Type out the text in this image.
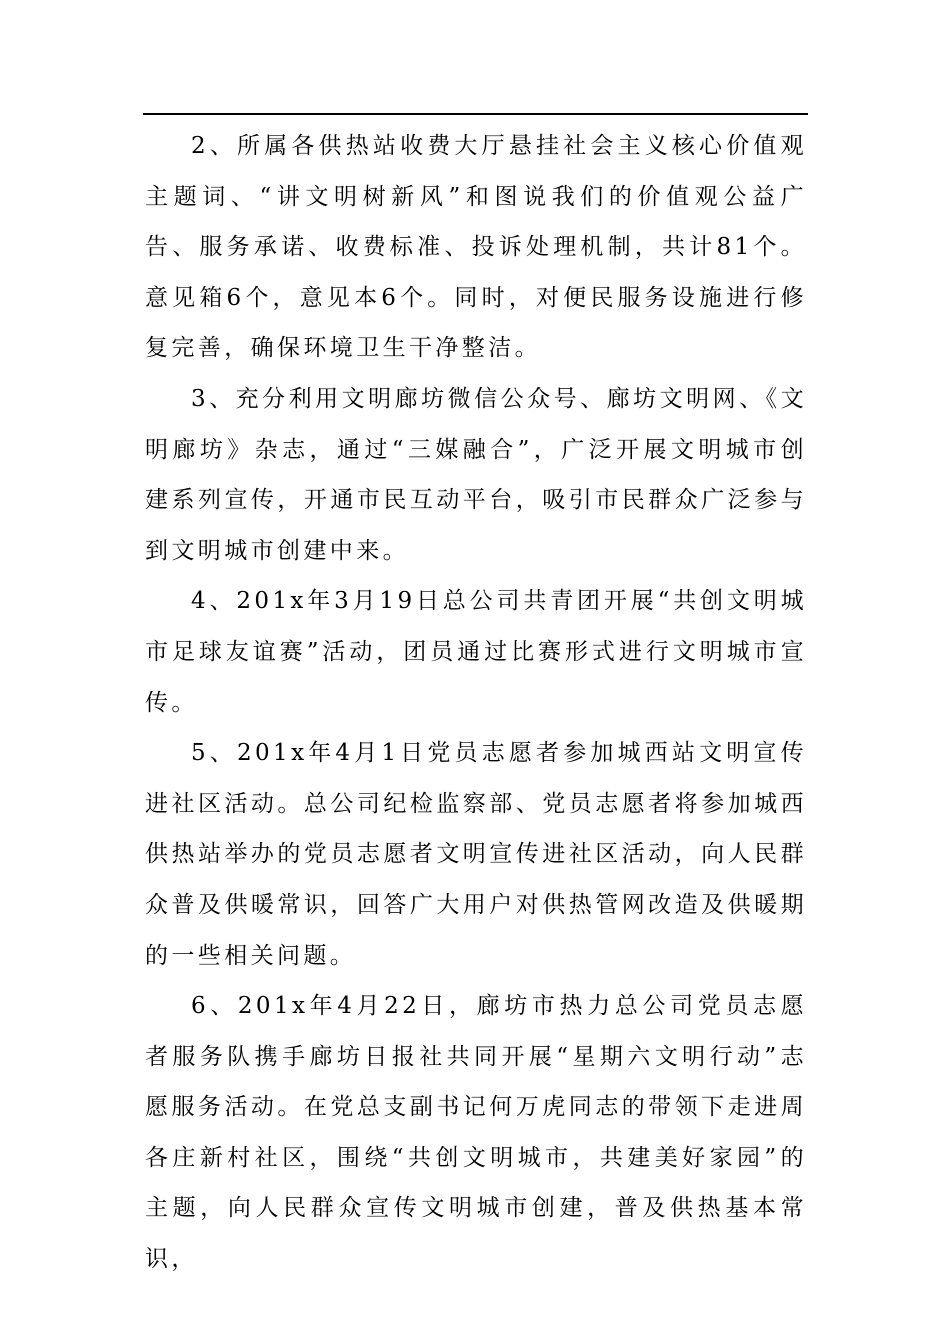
2、所属各供热站收费大厅悬挂社会主义核心价值观主题词、“讲文明树新风”和图说我们的价值观公益广告、服务承诺、收费标准、投诉处理机制，共计81个。意见箱6个，意见本6个。同时，对便民服务设施进行修复完善，确保环境卫生干净整洁。

3、充分利用文明廊坊微信公众号、廊坊文明网、《文明廊坊》杂志，通过“三媒融合”，广泛开展文明城市创建系列宣传，开通市民互动平台，吸引市民群众广泛参与到文明城市创建中来。

4、201x年3月19日总公司共青团开展“共创文明城市足球友谊赛”活动，团员通过比赛形式进行文明城市宣传。

5、201x年4月1日党员志愿者参加城西站文明宣传进社区活动。总公司纪检监察部、党员志愿者将参加城西供热站举办的党员志愿者文明宣传进社区活动，向人民群众普及供暖常识，回答广大用户对供热管网改造及供暖期的一些相关问题。

6、201x年4月22日，廊坊市热力总公司党员志愿者服务队携手廊坊日报社共同开展“星期六文明行动”志愿服务活动。在党总支副书记何万虎同志的带领下走进周各庄新村社区，围绕“共创文明城市，共建美好家园”的主题，向人民群众宣传文明城市创建，普及供热基本常识，
